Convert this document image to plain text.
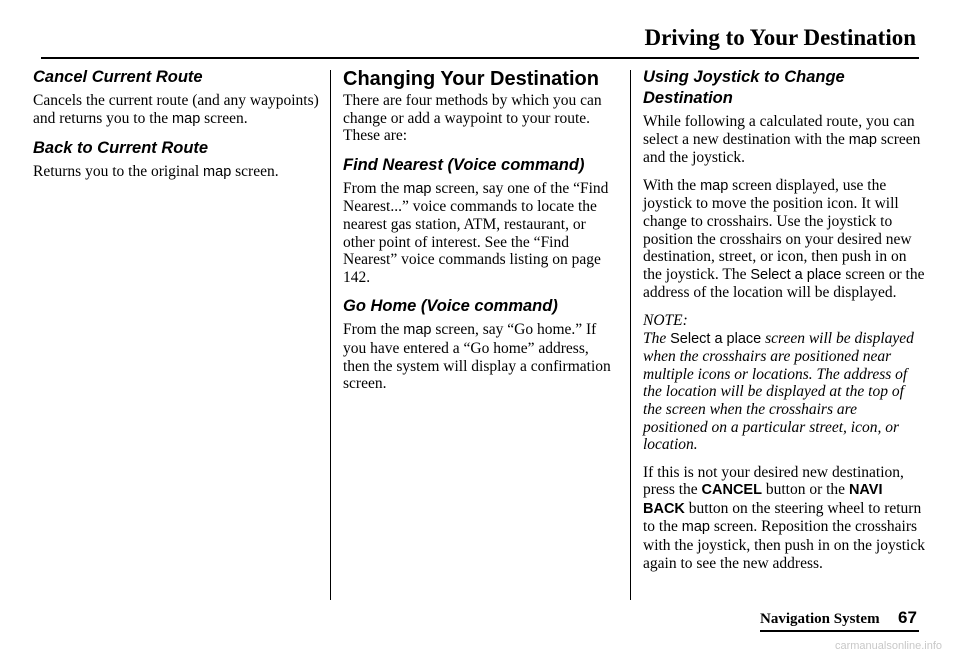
Driving to Your Destination
Cancel Current Route

Cancels the current route (and any waypoints) and returns you to the map screen.

Back to Current Route

Returns you to the original map screen.

Changing Your Destination

There are four methods by which you can change or add a waypoint to your route. These are:

Find Nearest (Voice command)

From the map screen, say one of the “Find Nearest...” voice commands to locate the nearest gas station, ATM, restaurant, or other point of interest. See the “Find Nearest” voice commands listing on page 142.

Go Home (Voice command)

From the map screen, say “Go home.” If you have entered a “Go home” address, then the system will display a confirmation screen.

Using Joystick to Change Destination

While following a calculated route, you can select a new destination with the map screen and the joystick.

With the map screen displayed, use the joystick to move the position icon. It will change to crosshairs. Use the joystick to position the crosshairs on your desired new destination, street, or icon, then push in on the joystick. The Select a place screen or the address of the location will be displayed.

NOTE:

The Select a place screen will be displayed when the crosshairs are positioned near multiple icons or locations. The address of the location will be displayed at the top of the screen when the crosshairs are positioned on a particular street, icon, or location.

If this is not your desired new destination, press the CANCEL button or the NAVI BACK button on the steering wheel to return to the map screen. Reposition the crosshairs with the joystick, then push in on the joystick again to see the new address.

Navigation System 67
carmanualsonline.info
